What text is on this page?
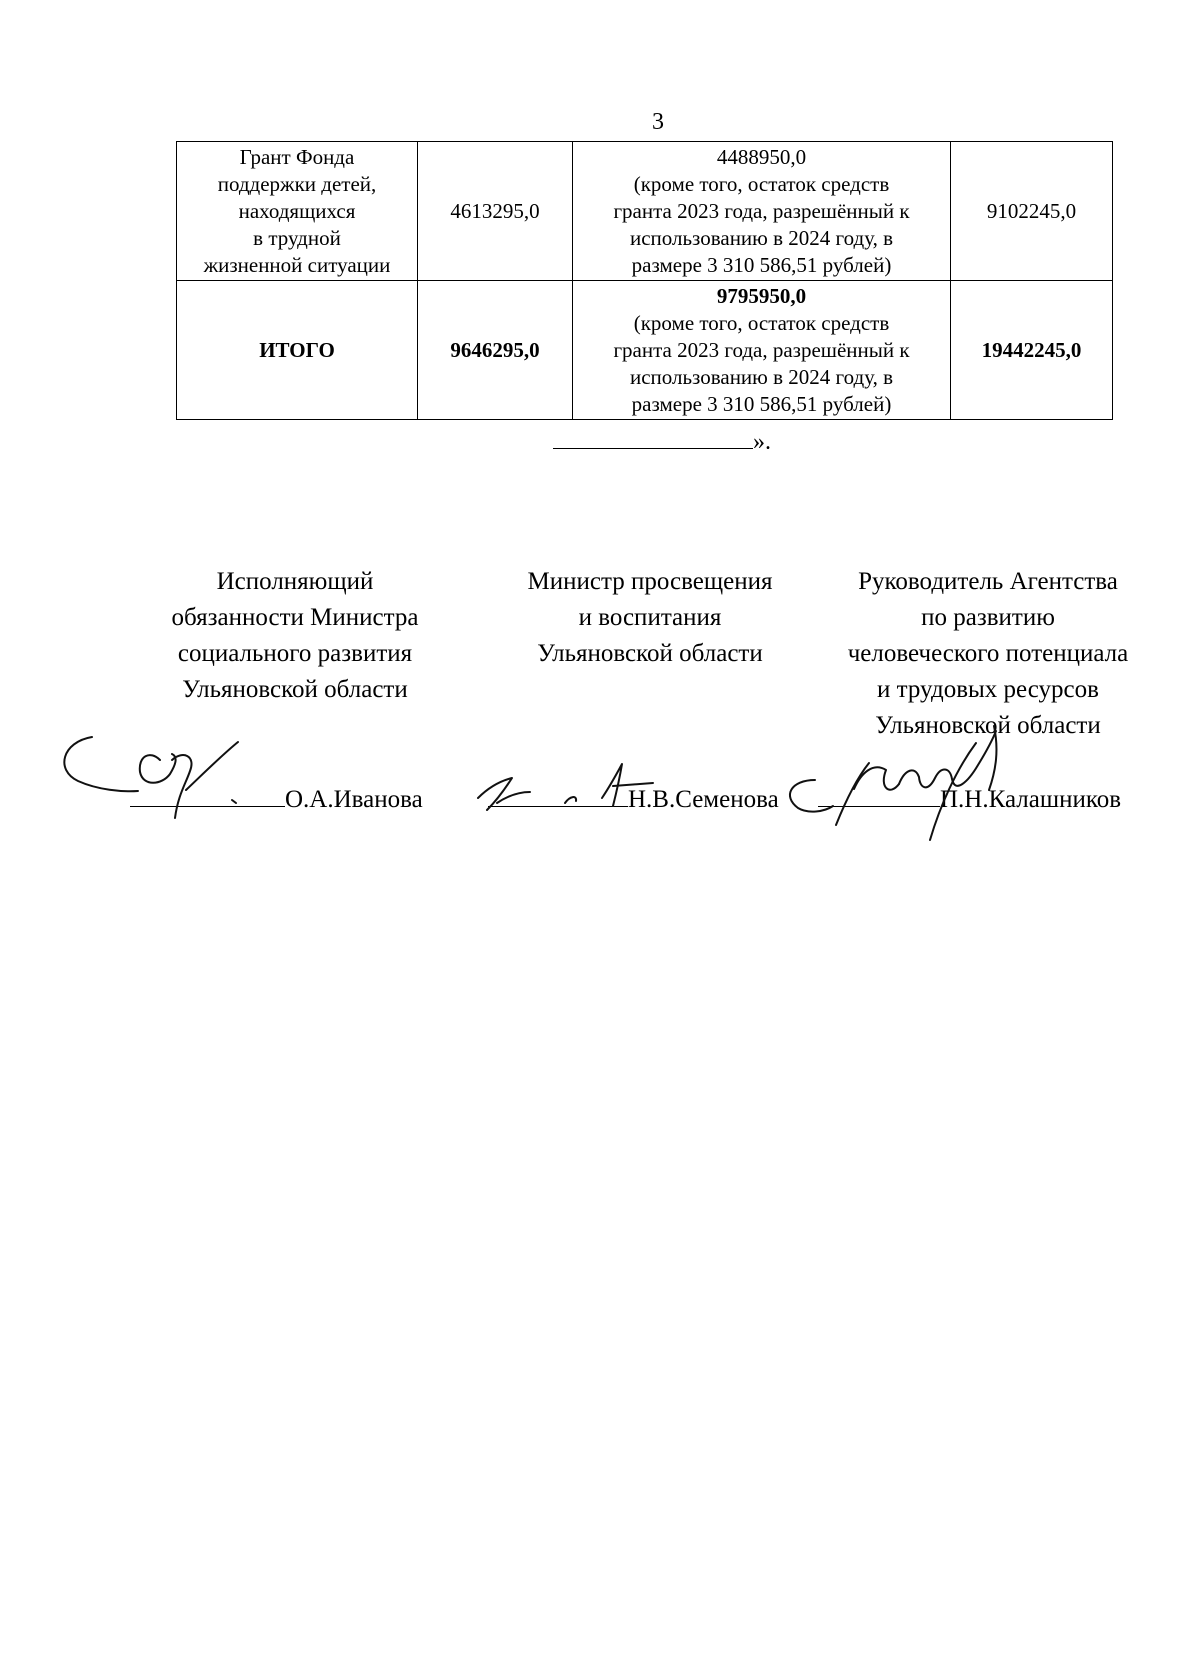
3
Грант Фонда
поддержки детей,
находящихся
в трудной
жизненной ситуации	4613295,0	4488950,0
(кроме того, остаток средств
гранта 2023 года, разрешённый к
использованию в 2024 году, в
размере 3 310 586,51 рублей)	9102245,0
ИТОГО	9646295,0	9795950,0
(кроме того, остаток средств
гранта 2023 года, разрешённый к
использованию в 2024 году, в
размере 3 310 586,51 рублей)	19442245,0
».
Исполняющий
обязанности Министра
социального развития
Ульяновской области
Министр просвещения
и воспитания
Ульяновской области
Руководитель Агентства
по развитию
человеческого потенциала
и трудовых ресурсов
Ульяновской области
О.А.Иванова	Н.В.Семенова	П.Н.Калашников
